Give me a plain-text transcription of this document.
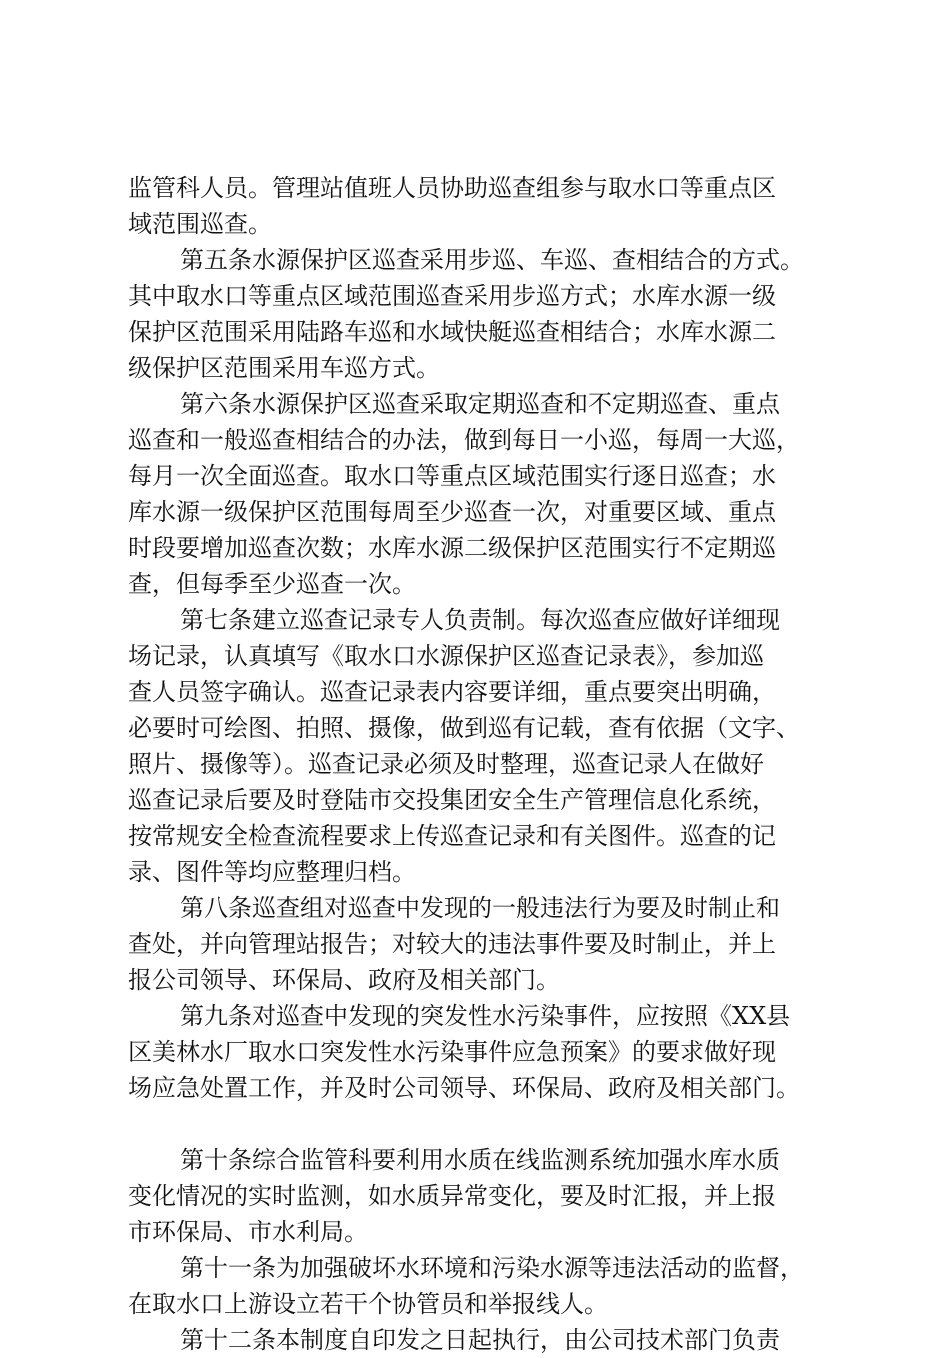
监管科人员。管理站值班人员协助巡查组参与取水口等重点区
域范围巡查。
第五条水源保护区巡查采用步巡、车巡、查相结合的方式。
其中取水口等重点区域范围巡查采用步巡方式；水库水源一级
保护区范围采用陆路车巡和水域快艇巡查相结合；水库水源二
级保护区范围采用车巡方式。
第六条水源保护区巡查采取定期巡查和不定期巡查、重点
巡查和一般巡查相结合的办法，做到每日一小巡，每周一大巡，
每月一次全面巡查。取水口等重点区域范围实行逐日巡查；水
库水源一级保护区范围每周至少巡查一次，对重要区域、重点
时段要增加巡查次数；水库水源二级保护区范围实行不定期巡
查，但每季至少巡查一次。
第七条建立巡查记录专人负责制。每次巡查应做好详细现
场记录，认真填写《取水口水源保护区巡查记录表》，参加巡
查人员签字确认。巡查记录表内容要详细，重点要突出明确，
必要时可绘图、拍照、摄像，做到巡有记载，查有依据（文字、
照片、摄像等）。巡查记录必须及时整理，巡查记录人在做好
巡查记录后要及时登陆市交投集团安全生产管理信息化系统，
按常规安全检查流程要求上传巡查记录和有关图件。巡查的记
录、图件等均应整理归档。
第八条巡查组对巡查中发现的一般违法行为要及时制止和
查处，并向管理站报告；对较大的违法事件要及时制止，并上
报公司领导、环保局、政府及相关部门。
第九条对巡查中发现的突发性水污染事件，应按照《XX县
区美林水厂取水口突发性水污染事件应急预案》的要求做好现
场应急处置工作，并及时公司领导、环保局、政府及相关部门。
第十条综合监管科要利用水质在线监测系统加强水库水质
变化情况的实时监测，如水质异常变化，要及时汇报，并上报
市环保局、市水利局。
第十一条为加强破坏水环境和污染水源等违法活动的监督，
在取水口上游设立若干个协管员和举报线人。
第十二条本制度自印发之日起执行，由公司技术部门负责
